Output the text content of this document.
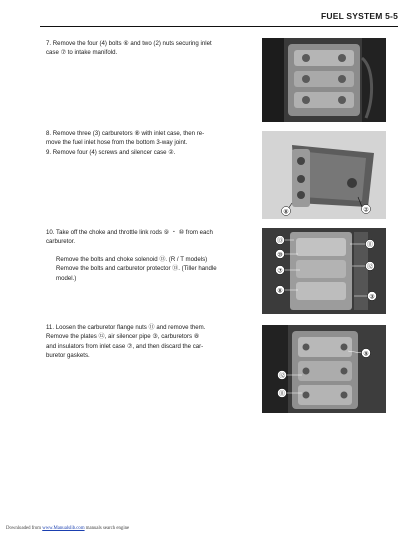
FUEL SYSTEM 5-5

7. Remove the four (4) bolts ⑥ and two (2) nuts securing inlet

case ⑦ to intake manifold.

8. Remove three (3) carburetors ⑧ with inlet case, then re-

move the fuel inlet hose from the bottom 3-way joint.

9. Remove four (4) screws and silencer case ②.

10. Take off the choke and throttle link rods ⑨ ・ ⑩ from each

carburetor.

Remove the bolts and choke solenoid ⑬. (R / T models)

Remove the bolts and carburetor protector ⑬. (Tiller handle

model.)

11. Loosen the carburetor flange nuts ⑪ and remove them.

Remove the plates ⑫, air silencer pipe ③, carburetors ⑧

and insulators from inlet case ⑦, and then discard the car-

buretor gaskets.

⑧	②
⑬
⑪
⑩
⑦
⑫
⑧
③
⑨
⑫
⑪
Downloaded from www.Manualslib.com manuals search engine
